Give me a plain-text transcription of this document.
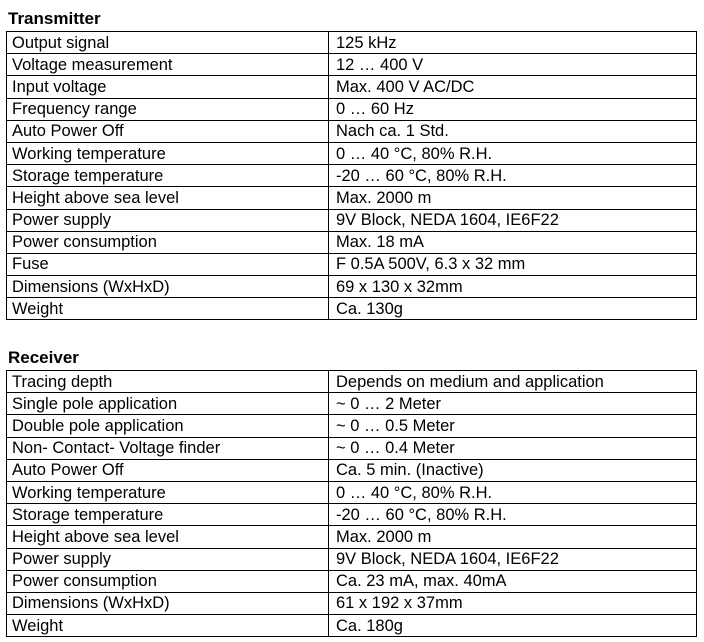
Transmitter
Output signal	125 kHz
Voltage measurement	12 … 400 V
Input voltage	Max. 400 V AC/DC
Frequency range	0 … 60 Hz
Auto Power Off	Nach ca. 1 Std.
Working temperature	0 … 40 °C, 80% R.H.
Storage temperature	-20 … 60 °C, 80% R.H.
Height above sea level	Max. 2000 m
Power supply	9V Block, NEDA 1604, IE6F22
Power consumption	Max. 18 mA
Fuse	F 0.5A 500V, 6.3 x 32 mm
Dimensions (WxHxD)	69 x 130 x 32mm
Weight	Ca. 130g
Receiver
Tracing depth	Depends on medium and application
Single pole application	~ 0 … 2 Meter
Double pole application	~ 0 … 0.5 Meter
Non- Contact- Voltage finder	~ 0 … 0.4 Meter
Auto Power Off	Ca. 5 min. (Inactive)
Working temperature	0 … 40 °C, 80% R.H.
Storage temperature	-20 … 60 °C, 80% R.H.
Height above sea level	Max. 2000 m
Power supply	9V Block, NEDA 1604, IE6F22
Power consumption	Ca. 23 mA, max. 40mA
Dimensions (WxHxD)	61 x 192 x 37mm
Weight	Ca. 180g
